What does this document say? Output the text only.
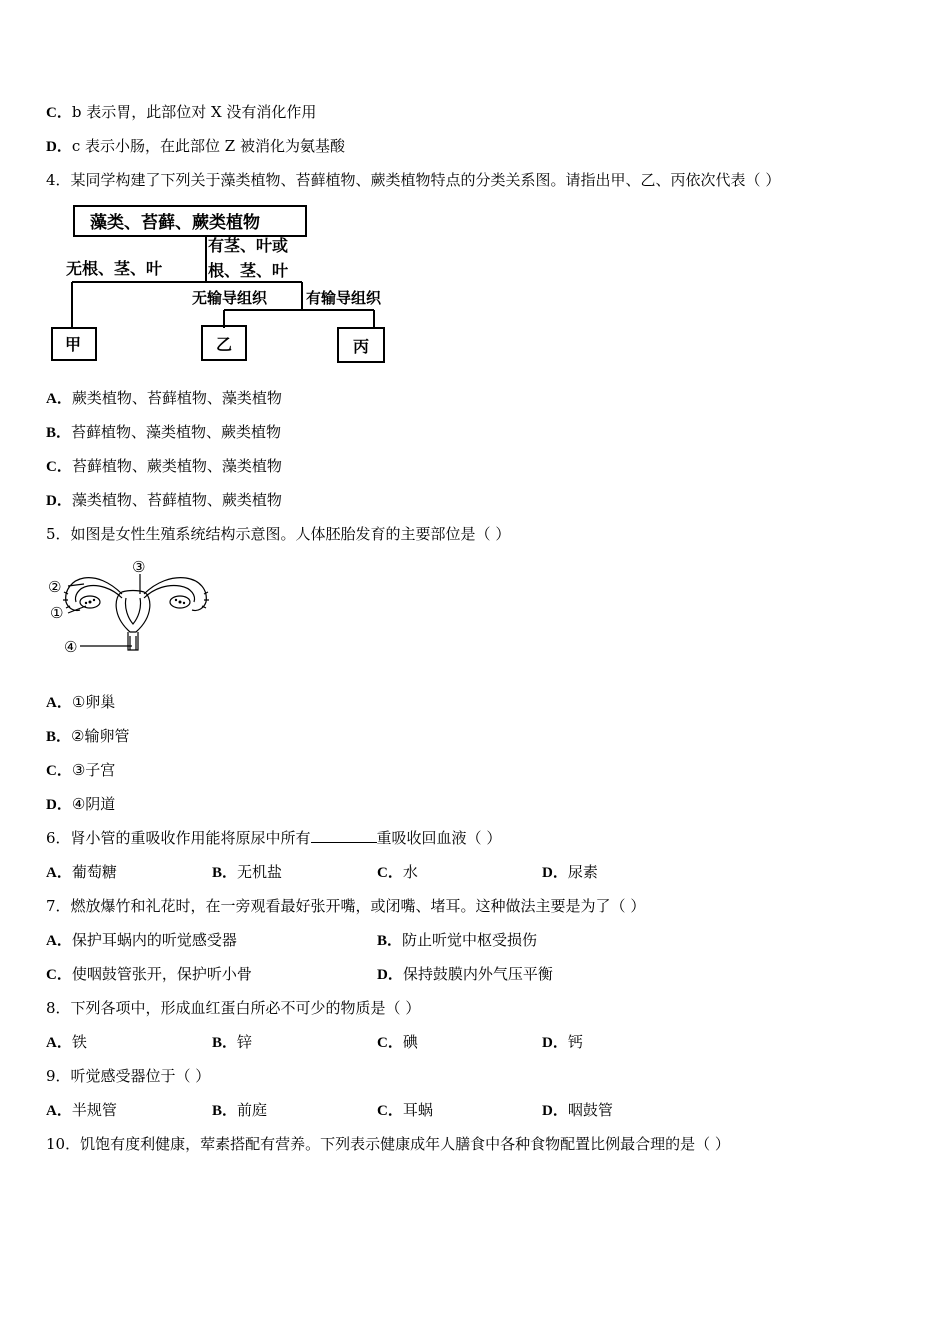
C．b 表示胃，此部位对 X 没有消化作用
D．c 表示小肠，在此部位 Z 被消化为氨基酸
4．某同学构建了下列关于藻类植物、苔藓植物、蕨类植物特点的分类关系图。请指出甲、乙、丙依次代表（ ）
藻类、苔藓、蕨类植物
无根、茎、叶
有茎、叶或
根、茎、叶
无输导组织	有输导组织
甲	乙	丙
A．蕨类植物、苔藓植物、藻类植物
B．苔藓植物、藻类植物、蕨类植物
C．苔藓植物、蕨类植物、藻类植物
D．藻类植物、苔藓植物、蕨类植物
5．如图是女性生殖系统结构示意图。人体胚胎发育的主要部位是（ ）
②
①
③
④
A．①卵巢
B．②输卵管
C．③子宫
D．④阴道
6．肾小管的重吸收作用能将原尿中所有	重吸收回血液（ ）
A．葡萄糖	B．无机盐	C．水	D．尿素
7．燃放爆竹和礼花时，在一旁观看最好张开嘴，或闭嘴、堵耳。这种做法主要是为了（ ）
A．保护耳蜗内的听觉感受器	B．防止听觉中枢受损伤
C．使咽鼓管张开，保护听小骨	D．保持鼓膜内外气压平衡
8．下列各项中，形成血红蛋白所必不可少的物质是（ ）
A．铁	B．锌	C．碘	D．钙
9．听觉感受器位于（ ）
A．半规管	B．前庭	C．耳蜗	D．咽鼓管
10．饥饱有度利健康，荤素搭配有营养。下列表示健康成年人膳食中各种食物配置比例最合理的是（ ）
